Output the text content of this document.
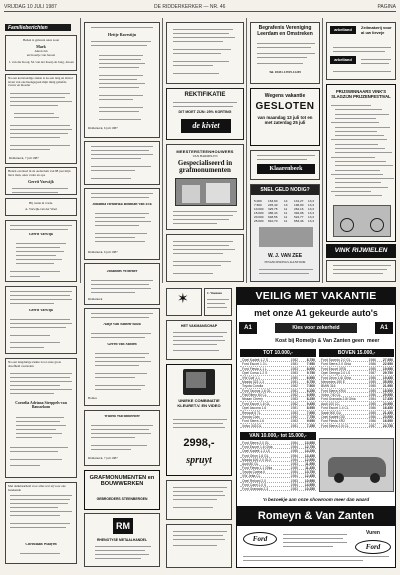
VRIJDAG 10 JULI 1987	DE RIDDERKERKER — NR. 46	PAGINA
Familieberichten
Heden is geboren onze zoon
Mark
Anton Jan
en broertje van Jeroen
J. van der Kooij, M. van der Kooij-de Jong, Jeroen
Na een kortstondige ziekte is na een lang en zinvol leven van ons heengegaan mijn innig geliefde vrouw en moeder
Ridderkerk, 7 juli 1987
Heden overleed in de ouderdom van 88 jaar mijn lieve man, onze vader en opa
Gerrit Varwijk
Hij rustte in vrede.
A. Varwijk-van der Waal
Gerrit Varwijk
Gerrit Varwijk
Na een langdurige ziekte is tot onze grote droefheid overleden
Cornelia Adriana Streppels-van Baussekom
Met dankbaarheid voor alles wat zij voor ons betekende
Christiaan Waayen
Hettje Ravestijn
Ridderkerk, 6 juli 1987
Johanna Hendrika Bouman-van Eck
Ridderkerk, 6 juli 1987
Johannes Wittener
Ridderkerk
Aafje van Santen-Roza
Gerrit van Santen
Bolnes
Willem Wachtmeester
Ridderkerk, 7 juli 1987
GRAFMONUMENTEN en BOUWWERKEN
GEBROEDERS STEENBERGEN
RM
RHENOTYSE METAALHANDEL
REKTIFIKATIE
DIT MOET ZIJN: 25% KORTING
de kiviet
MEESTERSTEENHOUWERS
VAN HARMELEN
Gespecialiseerd in grafmonumenten
✶	C. Waemans
HET VAKMANSCHAP
UNIEKE COMBINATIE KLEURET.V. EN VIDEO
2998,-
spruyt
Begrafenis Vereniging Leerdam en Omstreken
Tel. 03451-13919-12249
Wegens vakantie
GESLOTEN
van maandag 13 juli tot en met zaterdag 25 juli
Klaarenbeek
SNEL GELD NODIG?
5.000 163,60 14 131,27 13,3
7.500 245,40 13 196,90 13,3
10.000 325,75 11 262,16 13,3
15.000 486,43 11 392,08 13,3
20.000 648,56 11 522,77 13,3
25.000 810,70 11 653,46 13,3
W. J. VAN ZEE
FINANCIERINGS-KANTOOR
arkelland	Zeilmakerij voor al uw lieveje
arkelland
PRIJSWINNAARS VINK'S SLAGZIJN PRIJZENFESTIVAL
VINK RIJWIELEN
VEILIG MET VAKANTIE
met onze A1 gekeurde auto's
A1	A1
Kies voor zekerheid
Kost bij Romeijn & Van Zanten geen meer
TOT 10.000,-
Opel Kadett 1.2 S	1982	8.750
Ford Escort 1.3 L	1981	7.950
Ford Fiesta 1.1 L	1983	8.950
Opel Corsa 1.2 S	1983	9.750
VW Golf 1.1	1980	6.950
Mazda 323 1.3	1981	6.750
Toyota Corolla	1982	7.500
Ford Taunus 1.6 GL	1981	6.250
Fiat Ritmo 60 CL	1982	6.950
Nissan Cherry	1983	8.250
Ford Escort 1.6 GL	1982	9.450
Opel Ascona 1.6	1981	8.950
Renault 5 TL	1983	7.950
Honda Civic	1982	7.750
Ford Sierra 1.6	1983	9.950
Volvo 343 DL	1981	7.250
VAN 10.000,- tot 15.000,-
Ford Sierra 2.0 GL	1984 13.950
Ford Escort 1.6 Ghia	1984 12.750
Opel Kadett 1.3 LS	1985 14.250
Ford Orion 1.6 GL	1984 13.450
Mazda 626 2.0 GLX	1984 12.950
Audi 80 GL	1983 11.950
Ford Fiesta 1.1 Ghia	1985 11.450
Toyota Carina II	1984 13.750
VW Jetta CL	1984 12.450
Opel Rekord 2.0	1983 10.950
Ford Capri 2.0 S	1984 14.950
Ford Granada 2.3	1983 10.250
BOVEN 15.000,-
Ford Scorpio 2.0 GL	1986 27.950
Ford Sierra 2.0 Ghia	1986 22.950
Ford Escort XR3i	1985 19.950
Opel Omega 2.0 LS	1987 29.750
Ford Orion 1.6i Ghia	1986 19.450
Mercedes 190 E	1985 35.950
BMW 316	1985 21.950
Ford Sierra XR4i	1985 18.950
Volvo 740 GL	1986 29.950
Ford Granada 2.8i Ghia	1984 17.450
Audi 100 CC	1985 24.950
Ford Escort 1.4 CL	1986 16.450
Saab 900 GLi	1985 21.450
Opel Kadett GSi	1986 23.950
Ford Fiesta XR2	1986 16.950
Ford Sierra 2.0i CL	1987 24.750
'n bezoekje aan onze showroom meer dan waard
Romeyn & Van Zanten
Ford
Vuren
Ford
